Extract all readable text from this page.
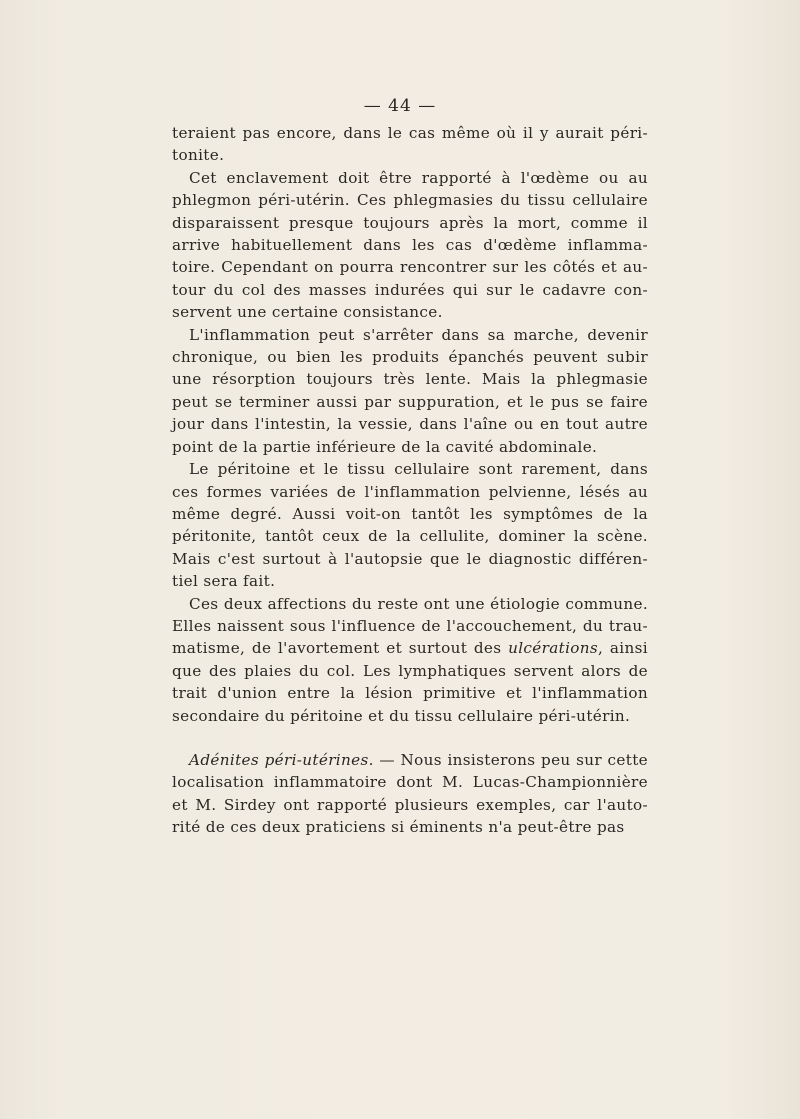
— 44 —

teraient pas encore, dans le cas même où il y aurait péri-tonite.

Cet enclavement doit être rapporté à l'œdème ou au phlegmon péri-utérin. Ces phlegmasies du tissu cellulaire disparaissent presque toujours après la mort, comme il arrive habituellement dans les cas d'œdème inflamma-toire. Cependant on pourra rencontrer sur les côtés et au-tour du col des masses indurées qui sur le cadavre con-servent une certaine consistance.

L'inflammation peut s'arrêter dans sa marche, devenir chronique, ou bien les produits épanchés peuvent subir une résorption toujours très lente. Mais la phlegmasie peut se terminer aussi par suppuration, et le pus se faire jour dans l'intestin, la vessie, dans l'aîne ou en tout autre point de la partie inférieure de la cavité abdominale.

Le péritoine et le tissu cellulaire sont rarement, dans ces formes variées de l'inflammation pelvienne, lésés au même degré. Aussi voit-on tantôt les symptômes de la péritonite, tantôt ceux de la cellulite, dominer la scène. Mais c'est surtout à l'autopsie que le diagnostic différen-tiel sera fait.

Ces deux affections du reste ont une étiologie commune. Elles naissent sous l'influence de l'accouchement, du trau-matisme, de l'avortement et surtout des ulcérations, ainsi que des plaies du col. Les lymphatiques servent alors de trait d'union entre la lésion primitive et l'inflammation secondaire du péritoine et du tissu cellulaire péri-utérin.

Adénites péri-utérines. — Nous insisterons peu sur cette localisation inflammatoire dont M. Lucas-Championnière et M. Sirdey ont rapporté plusieurs exemples, car l'auto-rité de ces deux praticiens si éminents n'a peut-être pas
